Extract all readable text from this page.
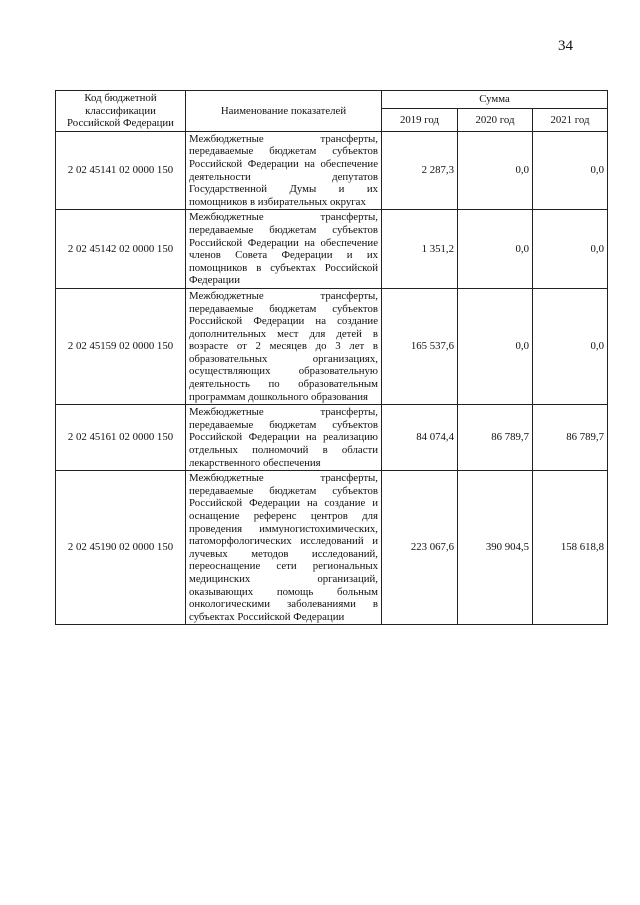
34
Код бюджетной классификации Российской Федерации	Наименование показателей	Сумма		
		2019 год	2020 год	2021 год
2 02 45141 02 0000 150	Межбюджетные трансферты, передаваемые бюджетам субъектов Российской Федерации на обеспечение деятельности депутатов Государственной Думы и их помощников в избирательных округах	2 287,3	0,0	0,0
2 02 45142 02 0000 150	Межбюджетные трансферты, передаваемые бюджетам субъектов Российской Федерации на обеспечение членов Совета Федерации и их помощников в субъектах Российской Федерации	1 351,2	0,0	0,0
2 02 45159 02 0000 150	Межбюджетные трансферты, передаваемые бюджетам субъектов Российской Федерации на создание дополнительных мест для детей в возрасте от 2 месяцев до 3 лет в образовательных организациях, осуществляющих образовательную деятельность по образовательным программам дошкольного образования	165 537,6	0,0	0,0
2 02 45161 02 0000 150	Межбюджетные трансферты, передаваемые бюджетам субъектов Российской Федерации на реализацию отдельных полномочий в области лекарственного обеспечения	84 074,4	86 789,7	86 789,7
2 02 45190 02 0000 150	Межбюджетные трансферты, передаваемые бюджетам субъектов Российской Федерации на создание и оснащение референс центров для проведения иммуногистохимических, патоморфологических исследований и лучевых методов исследований, переоснащение сети региональных медицинских организаций, оказывающих помощь больным онкологическими заболеваниями в субъектах Российской Федерации	223 067,6	390 904,5	158 618,8
